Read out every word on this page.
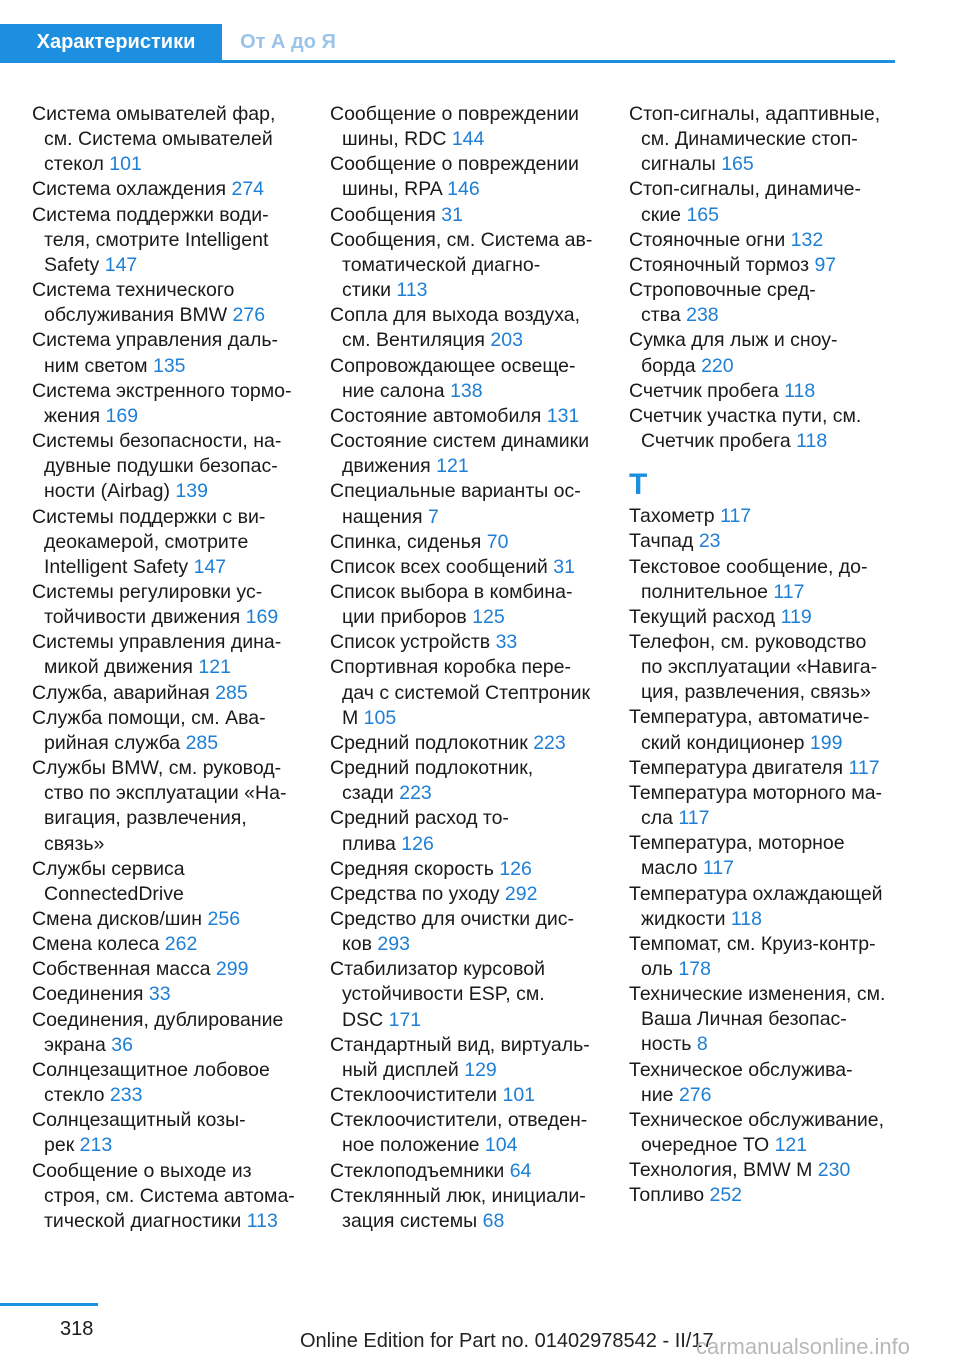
Характеристики	От А до Я
Система омывателей фар,
см. Система омывателей
стекол 101
Система охлаждения 274
Система поддержки води-
теля, смотрите Intelligent
Safety 147
Система технического
обслуживания BMW 276
Система управления даль-
ним светом 135
Система экстренного тормо-
жения 169
Системы безопасности, на-
дувные подушки безопас-
ности (Airbag) 139
Системы поддержки с ви-
деокамерой, смотрите
Intelligent Safety 147
Системы регулировки ус-
тойчивости движения 169
Системы управления дина-
микой движения 121
Служба, аварийная 285
Служба помощи, см. Ава-
рийная служба 285
Службы BMW, см. руковод-
ство по эксплуатации «На-
вигация, развлечения,
связь»
Службы сервиса
ConnectedDrive
Смена дисков/шин 256
Смена колеса 262
Собственная масса 299
Соединения 33
Соединения, дублирование
экрана 36
Солнцезащитное лобовое
стекло 233
Солнцезащитный козы-
рек 213
Сообщение о выходе из
строя, см. Система автома-
тической диагностики 113
Сообщение о повреждении
шины, RDC 144
Сообщение о повреждении
шины, RPA 146
Сообщения 31
Сообщения, см. Система ав-
томатической диагно-
стики 113
Сопла для выхода воздуха,
см. Вентиляция 203
Сопровождающее освеще-
ние салона 138
Состояние автомобиля 131
Состояние систем динамики
движения 121
Специальные варианты ос-
нащения 7
Спинка, сиденья 70
Список всех сообщений 31
Список выбора в комбина-
ции приборов 125
Список устройств 33
Спортивная коробка пере-
дач с системой Стептроник
M 105
Средний подлокотник 223
Средний подлокотник,
сзади 223
Средний расход то-
плива 126
Средняя скорость 126
Средства по уходу 292
Средство для очистки дис-
ков 293
Стабилизатор курсовой
устойчивости ESP, см.
DSC 171
Стандартный вид, виртуаль-
ный дисплей 129
Стеклоочистители 101
Стеклоочистители, отведен-
ное положение 104
Стеклоподъемники 64
Стеклянный люк, инициали-
зация системы 68
Стоп-сигналы, адаптивные,
см. Динамические стоп-
сигналы 165
Стоп-сигналы, динамиче-
ские 165
Стояночные огни 132
Стояночный тормоз 97
Строповочные сред-
ства 238
Сумка для лыж и сноу-
борда 220
Счетчик пробега 118
Счетчик участка пути, см.
Счетчик пробега 118
Т
Тахометр 117
Тачпад 23
Текстовое сообщение, до-
полнительное 117
Текущий расход 119
Телефон, см. руководство
по эксплуатации «Навига-
ция, развлечения, связь»
Температура, автоматиче-
ский кондиционер 199
Температура двигателя 117
Температура моторного ма-
сла 117
Температура, моторное
масло 117
Температура охлаждающей
жидкости 118
Темпомат, см. Круиз-контр-
оль 178
Технические изменения, см.
Ваша Личная безопас-
ность 8
Техническое обслужива-
ние 276
Техническое обслуживание,
очередное ТО 121
Технология, BMW M 230
Топливо 252
318
Online Edition for Part no. 01402978542 - II/17
carmanualsonline.info
